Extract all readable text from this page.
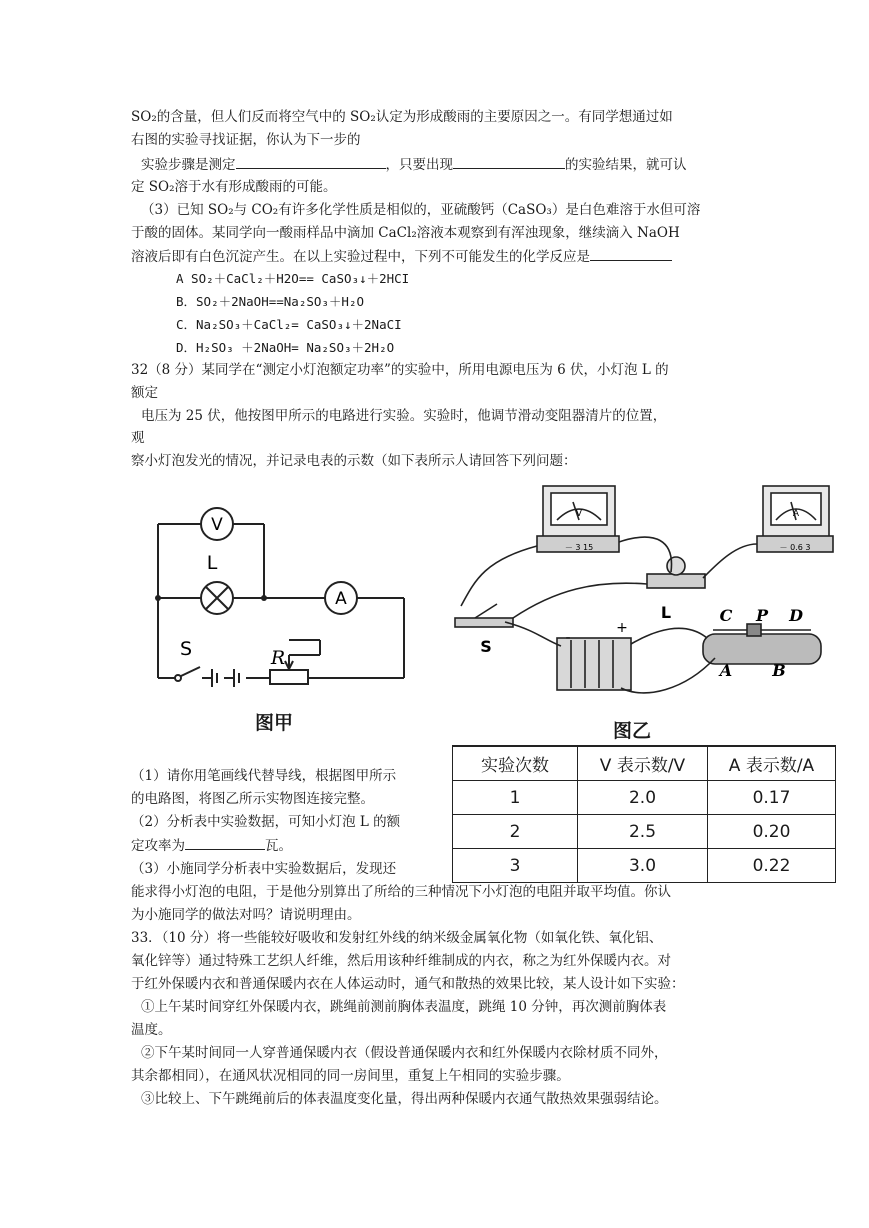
SO₂的含量，但人们反而将空气中的 SO₂认定为形成酸雨的主要原因之一。有同学想通过如
右图的实验寻找证据，你认为下一步的
实验步骤是测定	，只要出现	的实验结果，就可认
定 SO₂溶于水有形成酸雨的可能。
（3）已知 SO₂与 CO₂有许多化学性质是相似的，亚硫酸钙（CaSO₃）是白色难溶于水但可溶
于酸的固体。某同学向一酸雨样品中滴加 CaCl₂溶液本观察到有浑浊现象，继续滴入 NaOH
溶液后即有白色沉淀产生。在以上实验过程中，下列不可能发生的化学反应是
A SO₂＋CaCl₂＋H2O== CaSO₃↓＋2HCI
B．SO₂＋2NaOH==Na₂SO₃＋H₂O
C．Na₂SO₃＋CaCl₂= CaSO₃↓＋2NaCI
D．H₂SO₃ ＋2NaOH= Na₂SO₃＋2H₂O
32（8 分）某同学在“测定小灯泡额定功率”的实验中，所用电源电压为 6 伏，小灯泡 L 的
额定
电压为 25 伏，他按图甲所示的电路进行实验。实验时，他调节滑动变阻器清片的位置，
观
察小灯泡发光的情况，并记录电表的示数（如下表所示人请回答下列问题：
V
A
L
S	R
图甲
－ 3 15
V
－ 0.6 3
A
L
S	-
+
C P D
A	B
图乙
实验次数	V 表示数/V	A 表示数/A
1	2.0	0.17
2	2.5	0.20
3	3.0	0.22
（1）请你用笔画线代替导线，根据图甲所示
的电路图，将图乙所示实物图连接完整。
（2）分析表中实验数据，可知小灯泡 L 的额
定攻率为	瓦。
（3）小施同学分析表中实验数据后，发现还
能求得小灯泡的电阻，于是他分别算出了所给的三种情况下小灯泡的电阻并取平均值。你认
为小施同学的做法对吗？请说明理由。
33．（10 分）将一些能较好吸收和发射红外线的纳米级金属氧化物（如氧化铁、氧化铝、
氧化锌等）通过特殊工艺织人纤维，然后用该种纤维制成的内衣，称之为红外保暖内衣。对
于红外保暖内衣和普通保暖内衣在人体运动时，通气和散热的效果比较，某人设计如下实验：
①上午某时间穿红外保暖内衣，跳绳前测前胸体表温度，跳绳 10 分钟，再次测前胸体表
温度。
②下午某时间同一人穿普通保暖内衣（假设普通保暖内衣和红外保暖内衣除材质不同外，
其余都相同），在通风状况相同的同一房间里，重复上午相同的实验步骤。
③比较上、下午跳绳前后的体表温度变化量，得出两种保暖内衣通气散热效果强弱结论。
